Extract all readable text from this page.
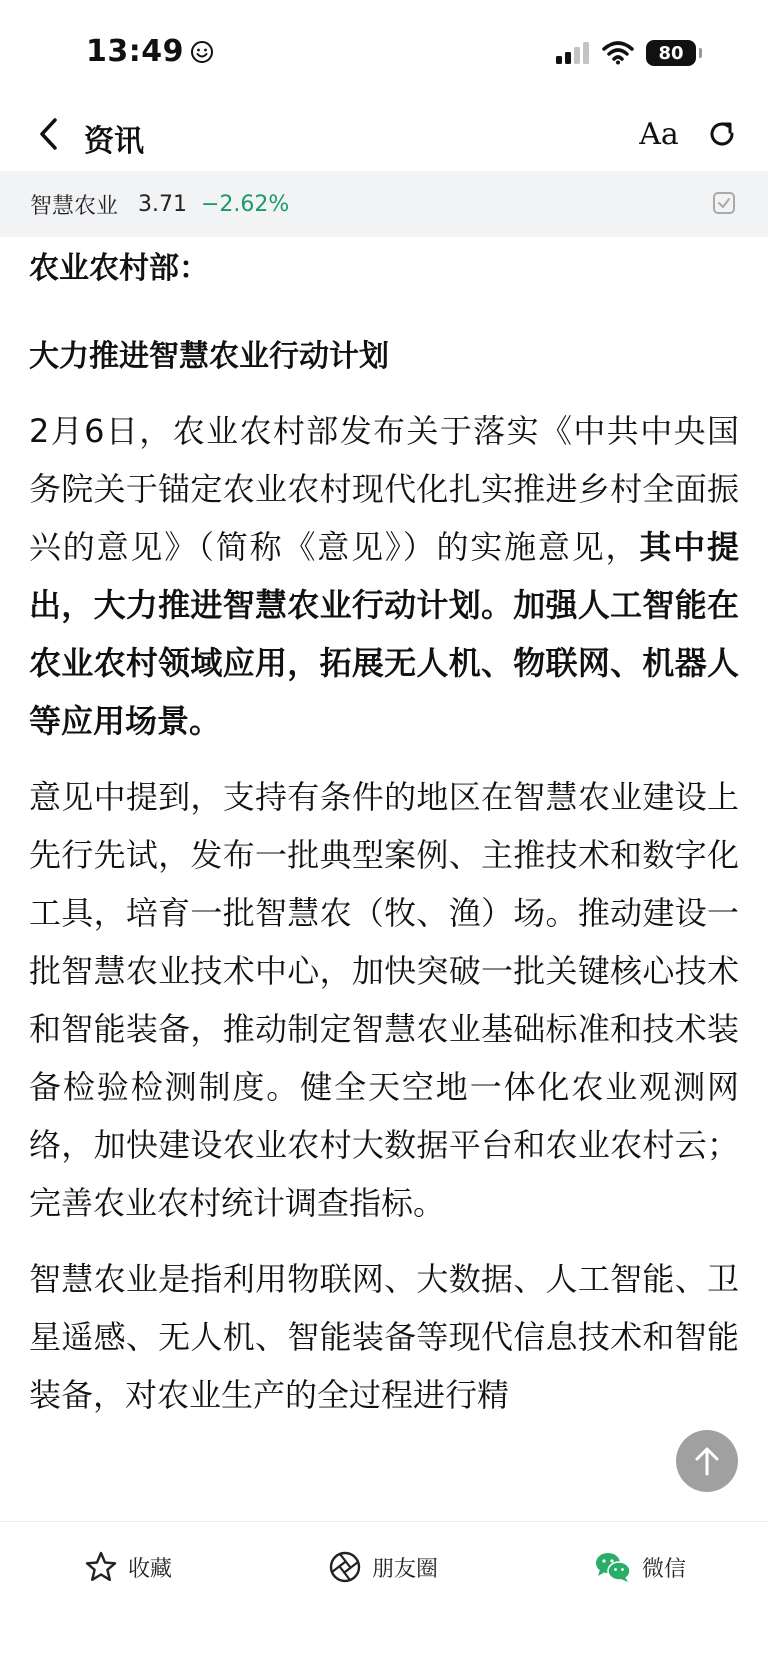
13:49	80
资讯	Aa
智慧农业 3.71 −2.62%
农业农村部：
大力推进智慧农业行动计划

2月6日，农业农村部发布关于落实《中共中央国务院关于锚定农业农村现代化扎实推进乡村全面振兴的意见》（简称《意见》）的实施意见，其中提出，大力推进智慧农业行动计划。加强人工智能在农业农村领域应用，拓展无人机、物联网、机器人等应用场景。

意见中提到，支持有条件的地区在智慧农业建设上先行先试，发布一批典型案例、主推技术和数字化工具，培育一批智慧农（牧、渔）场。推动建设一批智慧农业技术中心，加快突破一批关键核心技术和智能装备，推动制定智慧农业基础标准和技术装备检验检测制度。健全天空地一体化农业观测网络，加快建设农业农村大数据平台和农业农村云；完善农业农村统计调查指标。

智慧农业是指利用物联网、大数据、人工智能、卫星遥感、无人机、智能装备等现代信息技术和智能装备，对农业生产的全过程进行精

收藏	朋友圈	微信
